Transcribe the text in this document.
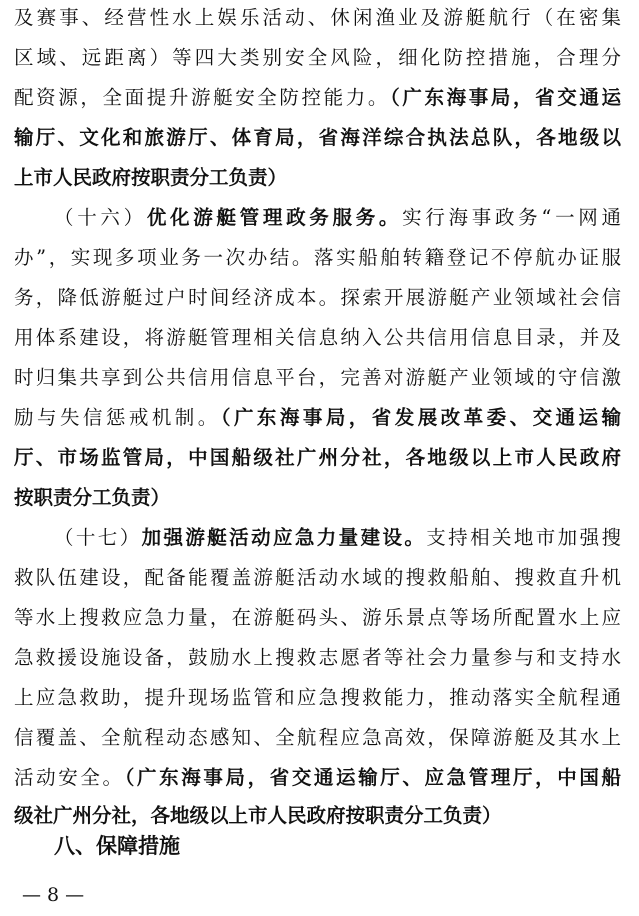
及赛事、经营性水上娱乐活动、休闲渔业及游艇航行（在密集
区域、远距离）等四大类别安全风险，细化防控措施，合理分
配资源，全面提升游艇安全防控能力。（广东海事局，省交通运
输厅、文化和旅游厅、体育局，省海洋综合执法总队，各地级以
上市人民政府按职责分工负责）
（十六）优化游艇管理政务服务。实行海事政务“一网通
办”，实现多项业务一次办结。落实船舶转籍登记不停航办证服
务，降低游艇过户时间经济成本。探索开展游艇产业领域社会信
用体系建设，将游艇管理相关信息纳入公共信用信息目录，并及
时归集共享到公共信用信息平台，完善对游艇产业领域的守信激
励与失信惩戒机制。（广东海事局，省发展改革委、交通运输
厅、市场监管局，中国船级社广州分社，各地级以上市人民政府
按职责分工负责）
（十七）加强游艇活动应急力量建设。支持相关地市加强搜
救队伍建设，配备能覆盖游艇活动水域的搜救船舶、搜救直升机
等水上搜救应急力量，在游艇码头、游乐景点等场所配置水上应
急救援设施设备，鼓励水上搜救志愿者等社会力量参与和支持水
上应急救助，提升现场监管和应急搜救能力，推动落实全航程通
信覆盖、全航程动态感知、全航程应急高效，保障游艇及其水上
活动安全。（广东海事局，省交通运输厅、应急管理厅，中国船
级社广州分社，各地级以上市人民政府按职责分工负责）
八、保障措施
— 8 —
